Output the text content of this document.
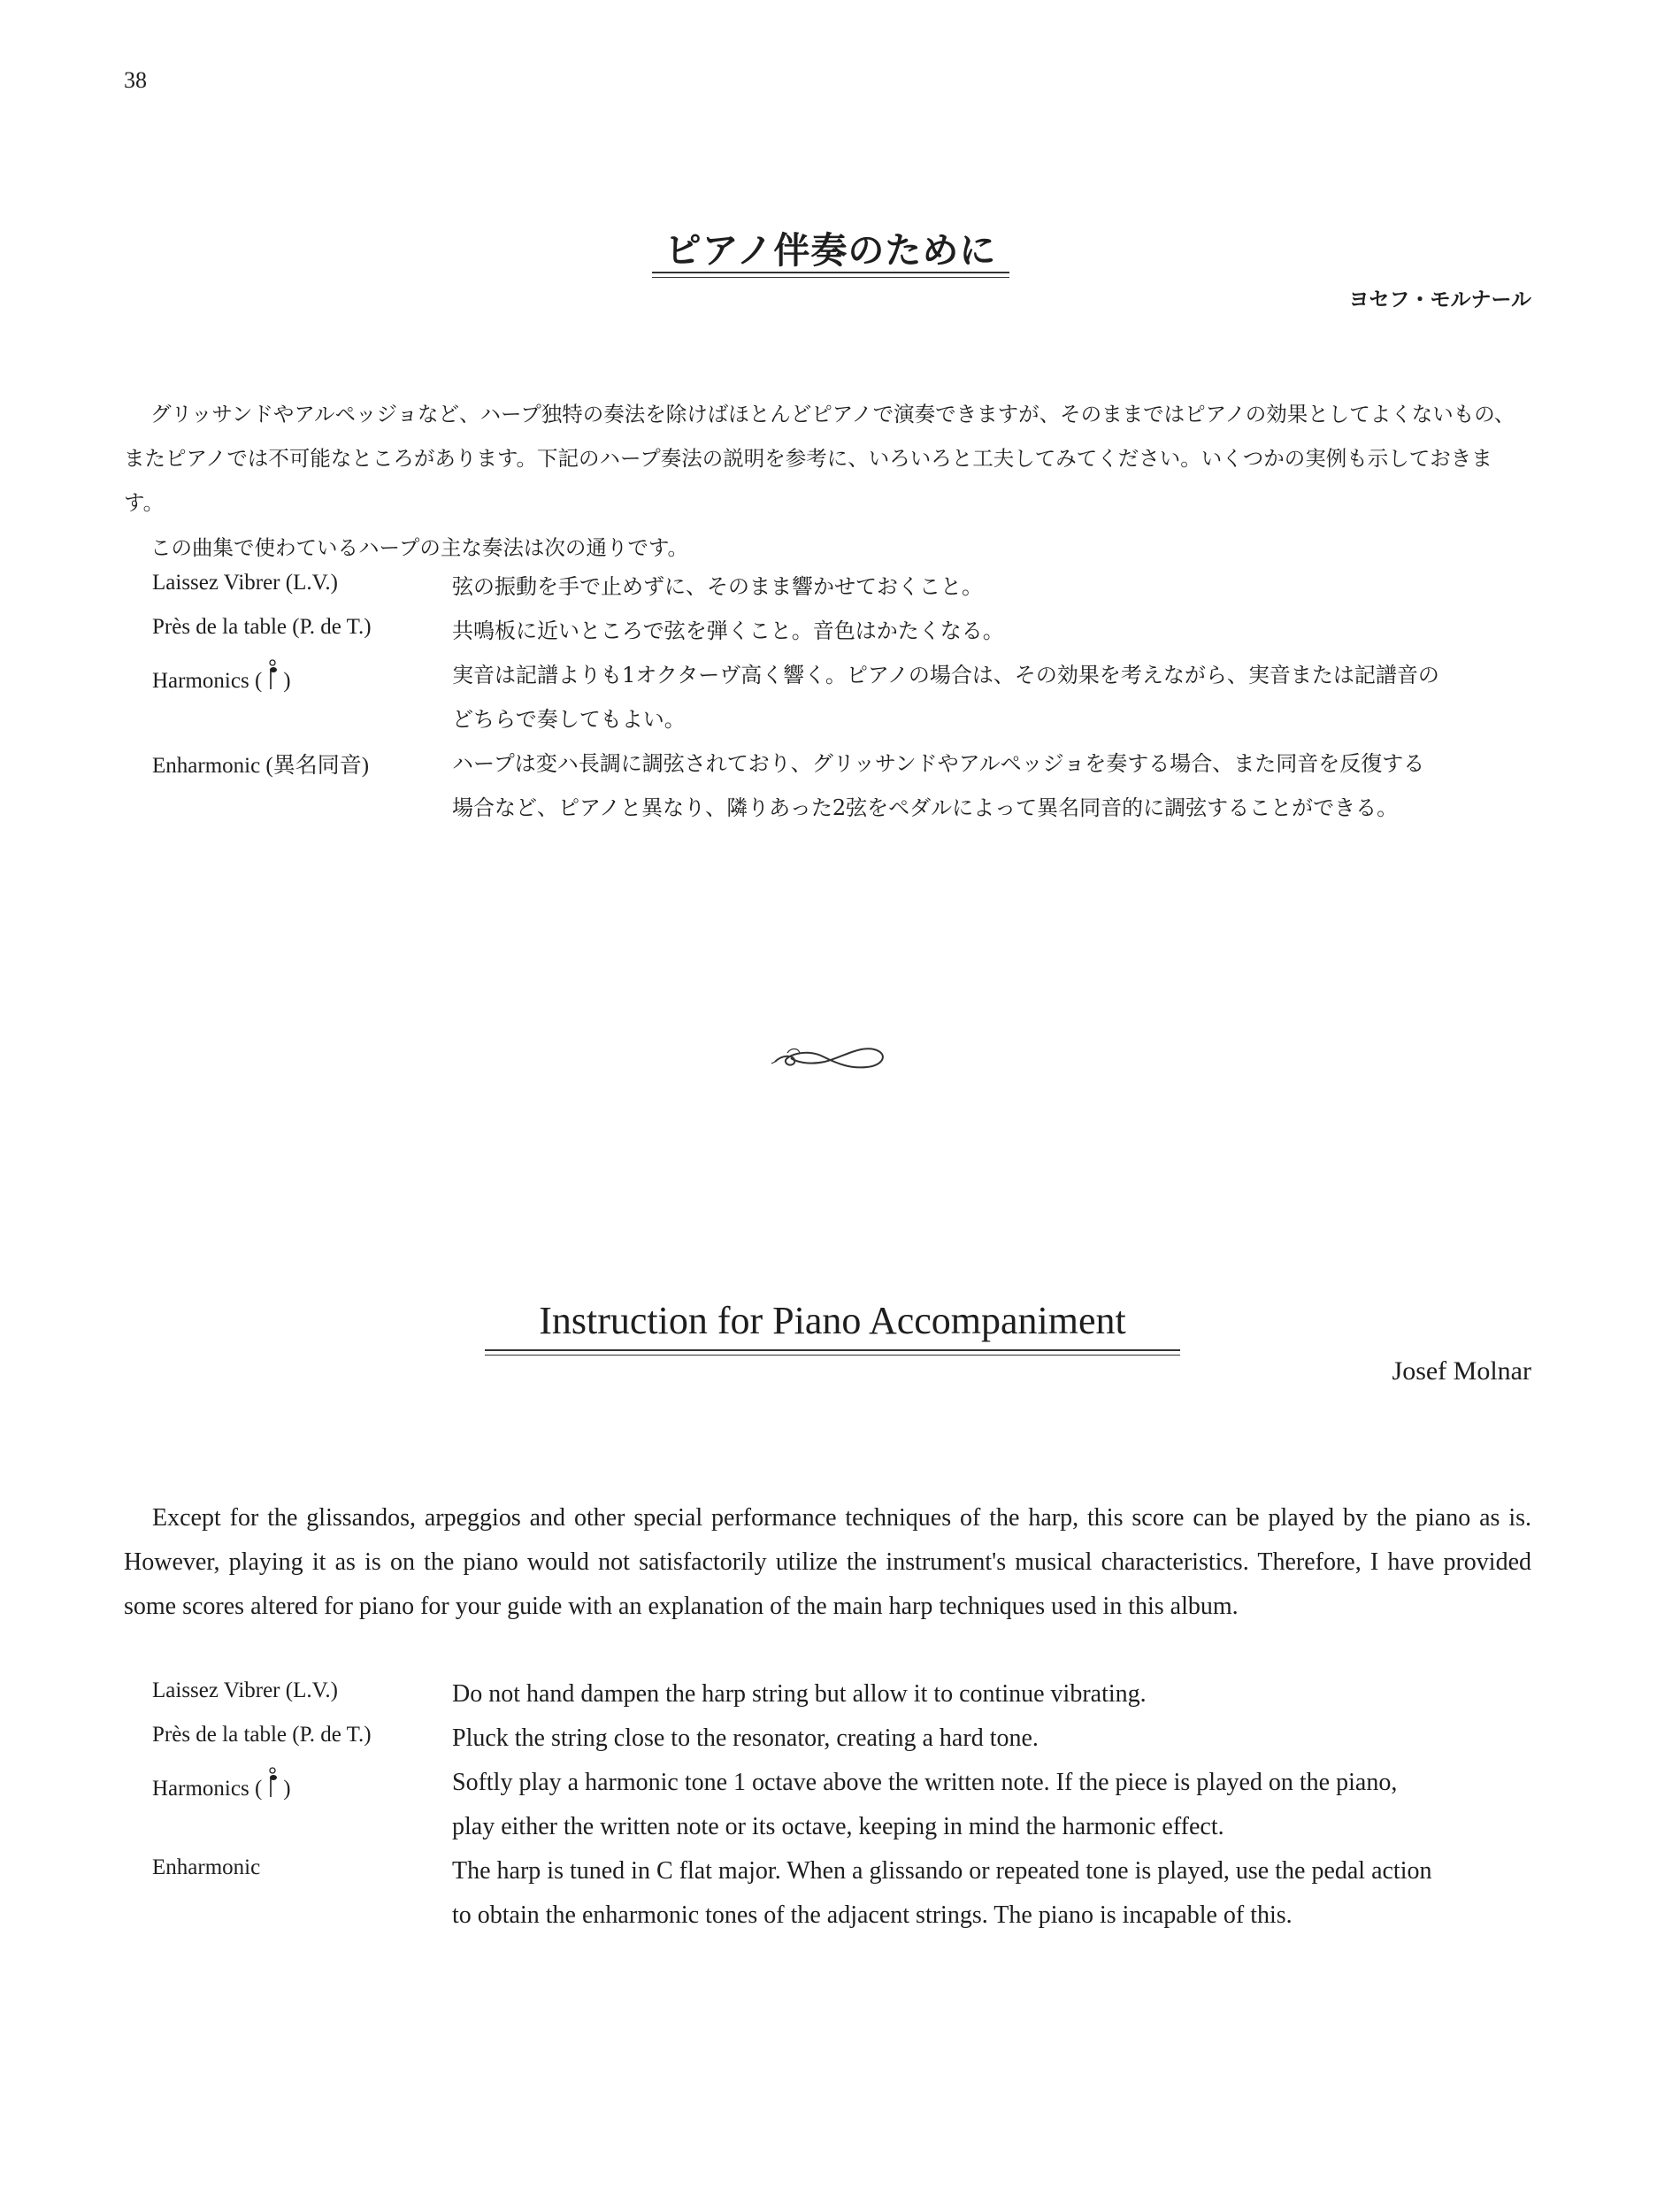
38
ピアノ伴奏のために
ヨセフ・モルナール
グリッサンドやアルペッジョなど、ハープ独特の奏法を除けばほとんどピアノで演奏できますが、そのままではピアノの効果としてよくないもの、またピアノでは不可能なところがあります。下記のハープ奏法の説明を参考に、いろいろと工夫してみてください。いくつかの実例も示しておきます。
この曲集で使わているハープの主な奏法は次の通りです。
Laissez Vibrer (L.V.)	弦の振動を手で止めずに、そのまま響かせておくこと。
Près de la table (P. de T.)	共鳴板に近いところで弦を弾くこと。音色はかたくなる。
Harmonics ( )	実音は記譜よりも1オクターヴ高く響く。ピアノの場合は、その効果を考えながら、実音または記譜音の
どちらで奏してもよい。
Enharmonic (異名同音)	ハープは変ハ長調に調弦されており、グリッサンドやアルペッジョを奏する場合、また同音を反復する
場合など、ピアノと異なり、隣りあった2弦をペダルによって異名同音的に調弦することができる。
Instruction for Piano Accompaniment
Josef Molnar
Except for the glissandos, arpeggios and other special performance techniques of the harp, this score can be played by the piano as is. However, playing it as is on the piano would not satisfactorily utilize the instrument's musical characteristics. Therefore, I have provided some scores altered for piano for your guide with an explanation of the main harp techniques used in this album.
Laissez Vibrer (L.V.)	Do not hand dampen the harp string but allow it to continue vibrating.
Près de la table (P. de T.)	Pluck the string close to the resonator, creating a hard tone.
Harmonics ( )	Softly play a harmonic tone 1 octave above the written note. If the piece is played on the piano,
play either the written note or its octave, keeping in mind the harmonic effect.
Enharmonic	The harp is tuned in C flat major. When a glissando or repeated tone is played, use the pedal action
to obtain the enharmonic tones of the adjacent strings. The piano is incapable of this.
